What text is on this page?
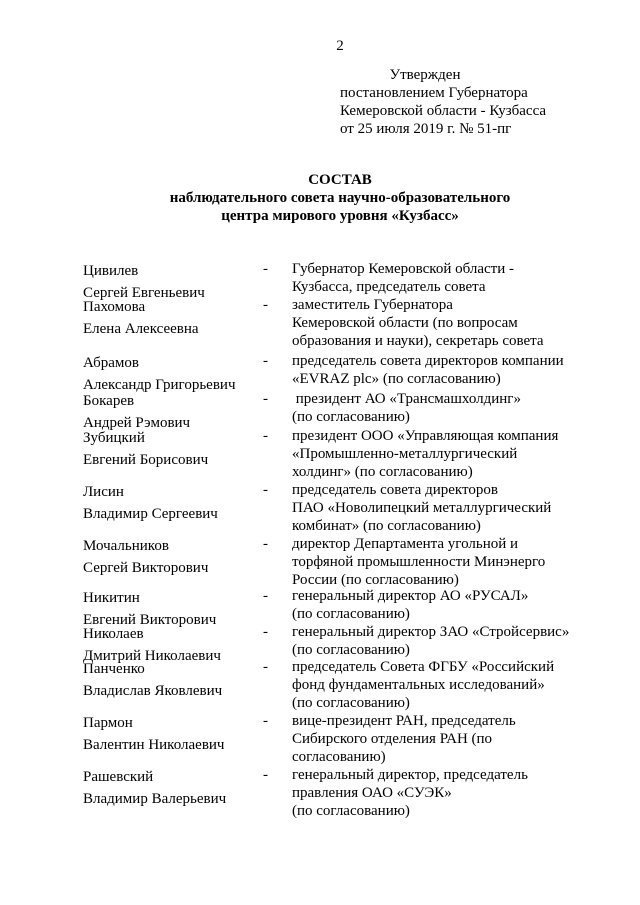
2
Утвержден
постановлением Губернатора
Кемеровской области - Кузбасса
от 25 июля 2019 г. № 51-пг
СОСТАВ
наблюдательного совета научно-образовательного
центра мирового уровня «Кузбасс»
Цивилев
Сергей Евгеньевич
-	Губернатор Кемеровской области -
Кузбасса, председатель совета
Пахомова
Елена Алексеевна
-	заместитель Губернатора
Кемеровской области (по вопросам
образования и науки), секретарь совета
Абрамов
Александр Григорьевич
-	председатель совета директоров компании
«EVRAZ plc» (по согласованию)
Бокарев
Андрей Рэмович
-	президент АО «Трансмашхолдинг»
(по согласованию)
Зубицкий
Евгений Борисович
-	президент ООО «Управляющая компания
«Промышленно-металлургический
холдинг» (по согласованию)
Лисин
Владимир Сергеевич
-	председатель совета директоров
ПАО «Новолипецкий металлургический
комбинат» (по согласованию)
Мочальников
Сергей Викторович
-	директор Департамента угольной и
торфяной промышленности Минэнерго
России (по согласованию)
Никитин
Евгений Викторович
-	генеральный директор АО «РУСАЛ»
(по согласованию)
Николаев
Дмитрий Николаевич
-	генеральный директор ЗАО «Стройсервис»
(по согласованию)
Панченко
Владислав Яковлевич
-	председатель Совета ФГБУ «Российский
фонд фундаментальных исследований»
(по согласованию)
Пармон
Валентин Николаевич
-	вице-президент РАН, председатель
Сибирского отделения РАН (по
согласованию)
Рашевский
Владимир Валерьевич
-	генеральный директор, председатель
правления ОАО «СУЭК»
(по согласованию)
